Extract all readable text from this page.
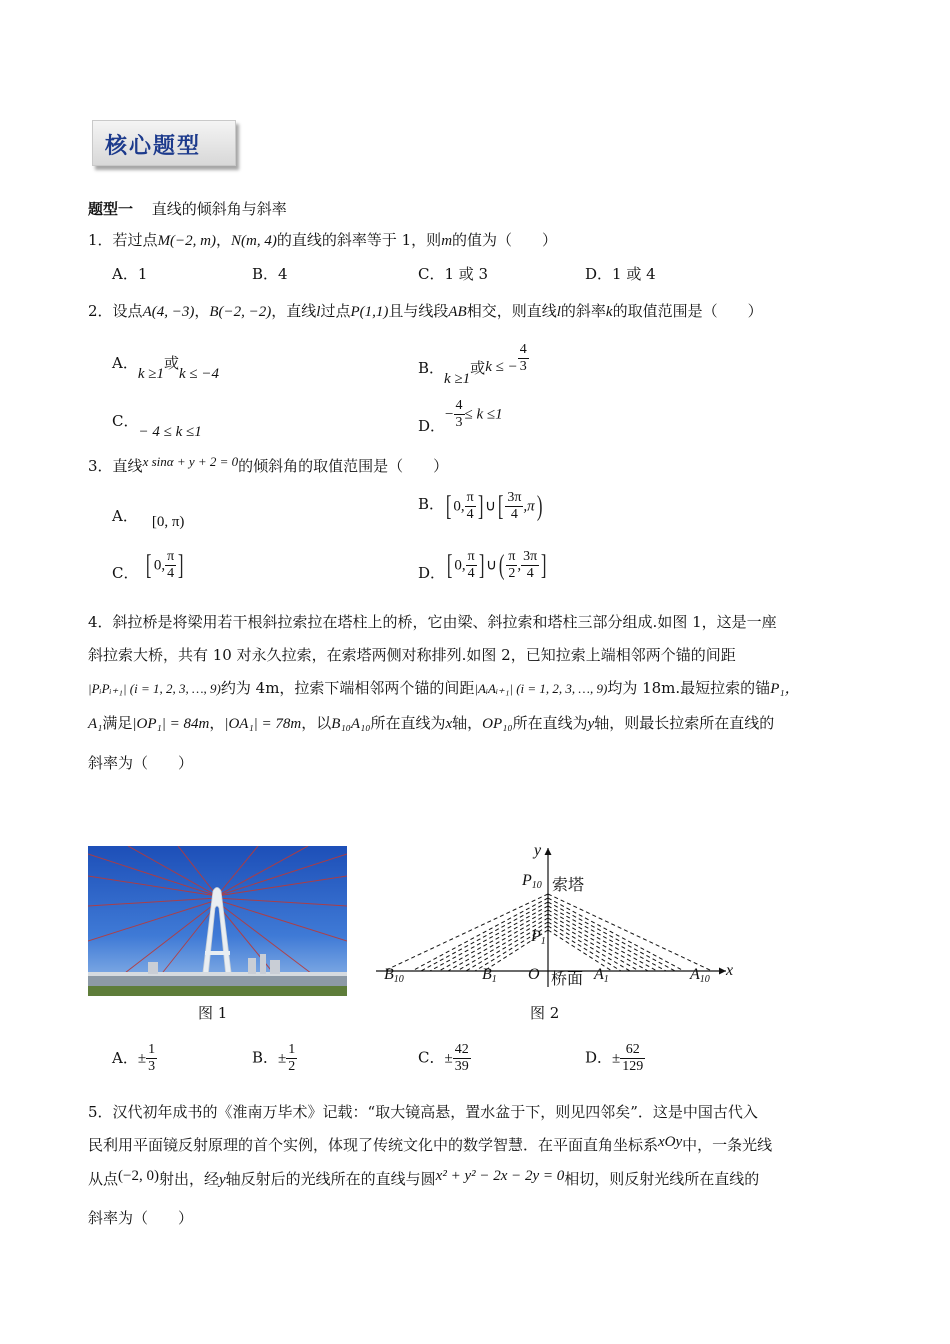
核心题型
题型一 直线的倾斜角与斜率
1．若过点M(−2, m)，N(m, 4)的直线的斜率等于 1，则m的值为（　　）
A．1	B．4	C．1 或 3	D．1 或 4
2．设点A(4, −3)，B(−2, −2)，直线l过点P(1,1)且与线段AB相交，则直线l的斜率k的取值范围是（　　）
A．k ≥1或k ≤ −4	B．k ≥1或k ≤ − $\frac{4}{3}$
C．− 4 ≤ k ≤1	D．− $\frac{4}{3} \le k \le 1$
3．直线x sinα + y + 2 = 0的倾斜角的取值范围是（　　）
A． [0, π)
B．[ 0, $\frac{\pi}{4}$ ] ∪[ $\frac{3\pi}{4} ,\pi$)
C． [ 0, $\frac{\pi}{4}$ ]	D．[ 0, $\frac{\pi}{4}$ ] ∪( $\frac{\pi}{2}$ , $\frac{3\pi}{4}$ ]
4．斜拉桥是将梁用若干根斜拉索拉在塔柱上的桥，它由梁、斜拉索和塔柱三部分组成.如图 1，这是一座
斜拉索大桥，共有 10 对永久拉索，在索塔两侧对称排列.如图 2，已知拉索上端相邻两个锚的间距
|PᵢPᵢ₊₁| (i = 1, 2, 3, …, 9)约为 4m，拉索下端相邻两个锚的间距|AᵢAᵢ₊₁| (i = 1, 2, 3, …, 9)均为 18m.最短拉索的锚P₁，
A₁满足|OP₁| = 84m，|OA₁| = 78m，以B₁₀A₁₀所在直线为x轴，OP₁₀所在直线为y轴，则最长拉索所在直线的
斜率为（　　）
图 1
y
x
$P_{10}$ 索塔
$P_1$
$B_{10}$	$B_1$ O 桥面 $A_1$	$A_{10}$
图 2
A．± $\frac{1}{3}$	B．± $\frac{1}{2}$	C．± $\frac{42}{39}$	D．± $\frac{62}{129}$
5．汉代初年成书的《淮南万毕术》记载：“取大镜高悬，置水盆于下，则见四邻矣”．这是中国古代入
民利用平面镜反射原理的首个实例，体现了传统文化中的数学智慧．在平面直角坐标系xOy中，一条光线
从点(−2, 0)射出，经y轴反射后的光线所在的直线与圆x² + y² − 2x − 2y = 0相切，则反射光线所在直线的
斜率为（　　）
